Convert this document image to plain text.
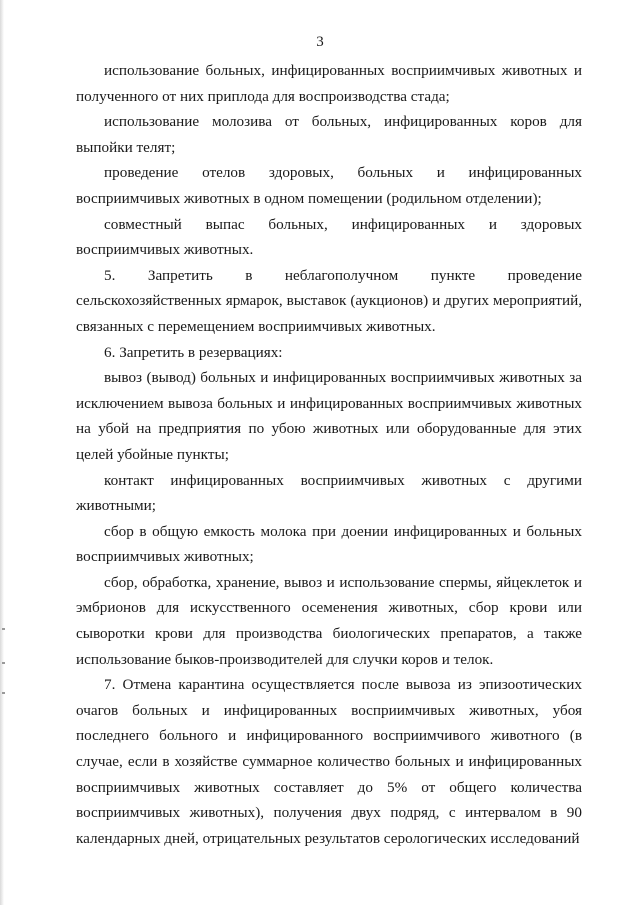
3

использование больных, инфицированных восприимчивых животных и полученного от них приплода для воспроизводства стада;

использование молозива от больных, инфицированных коров для выпойки телят;

проведение отелов здоровых, больных и инфицированных восприимчивых животных в одном помещении (родильном отделении);

совместный выпас больных, инфицированных и здоровых восприимчивых животных.

5. Запретить в неблагополучном пункте проведение сельскохозяйственных ярмарок, выставок (аукционов) и других мероприятий, связанных с перемещением восприимчивых животных.

6. Запретить в резервациях:

вывоз (вывод) больных и инфицированных восприимчивых животных за исключением вывоза больных и инфицированных восприимчивых животных на убой на предприятия по убою животных или оборудованные для этих целей убойные пункты;

контакт инфицированных восприимчивых животных с другими животными;

сбор в общую емкость молока при доении инфицированных и больных восприимчивых животных;

сбор, обработка, хранение, вывоз и использование спермы, яйцеклеток и эмбрионов для искусственного осеменения животных, сбор крови или сыворотки крови для производства биологических препаратов, а также использование быков-производителей для случки коров и телок.

7. Отмена карантина осуществляется после вывоза из эпизоотических очагов больных и инфицированных восприимчивых животных, убоя последнего больного и инфицированного восприимчивого животного (в случае, если в хозяйстве суммарное количество больных и инфицированных восприимчивых животных составляет до 5% от общего количества восприимчивых животных), получения двух подряд, с интервалом в 90 календарных дней, отрицательных результатов серологических исследований
